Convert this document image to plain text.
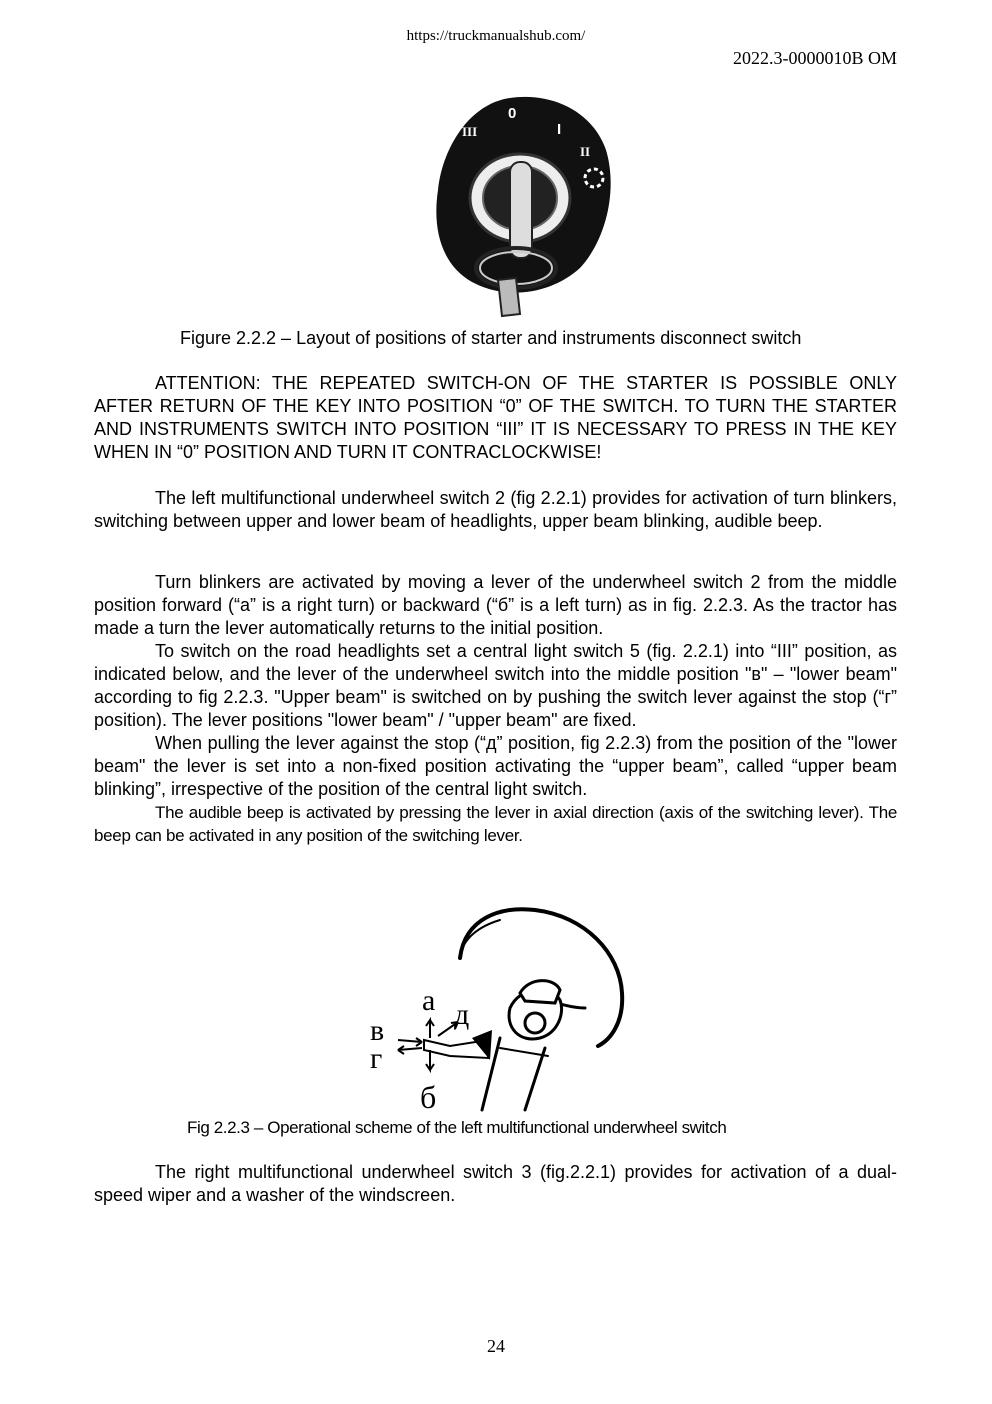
https://truckmanualshub.com/
2022.3-0000010B OM
0
I
II
III
Figure 2.2.2 – Layout of positions of starter and instruments disconnect switch

ATTENTION: THE REPEATED SWITCH-ON OF THE STARTER IS POSSIBLE ONLY AFTER RETURN OF THE KEY INTO POSITION “0” OF THE SWITCH. TO TURN THE STARTER AND INSTRUMENTS SWITCH INTO POSITION “III” IT IS NECESSARY TO PRESS IN THE KEY WHEN IN “0” POSITION AND TURN IT CONTRACLOCKWISE!

The left multifunctional underwheel switch 2 (fig 2.2.1) provides for activation of turn blinkers, switching between upper and lower beam of headlights, upper beam blinking, audible beep.

Turn blinkers are activated by moving a lever of the underwheel switch 2 from the middle position forward (“а” is a right turn) or backward (“б” is a left turn) as in fig. 2.2.3. As the tractor has made a turn the lever automatically returns to the initial position.

To switch on the road headlights set a central light switch 5 (fig. 2.2.1) into “III” position, as indicated below, and the lever of the underwheel switch into the middle position "в" – "lower beam" according to fig 2.2.3. "Upper beam" is switched on by pushing the switch lever against the stop (“г” position). The lever positions "lower beam" / "upper beam" are fixed.

When pulling the lever against the stop (“д” position, fig 2.2.3) from the position of the "lower beam" the lever is set into a non-fixed position activating the “upper beam”, called “upper beam blinking”, irrespective of the position of the central light switch.

The audible beep is activated by pressing the lever in axial direction (axis of the switching lever). The beep can be activated in any position of the switching lever.

а д
в
г
б
Fig 2.2.3 – Operational scheme of the left multifunctional underwheel switch

The right multifunctional underwheel switch 3 (fig.2.2.1) provides for activation of a dual-speed wiper and a washer of the windscreen.

24
